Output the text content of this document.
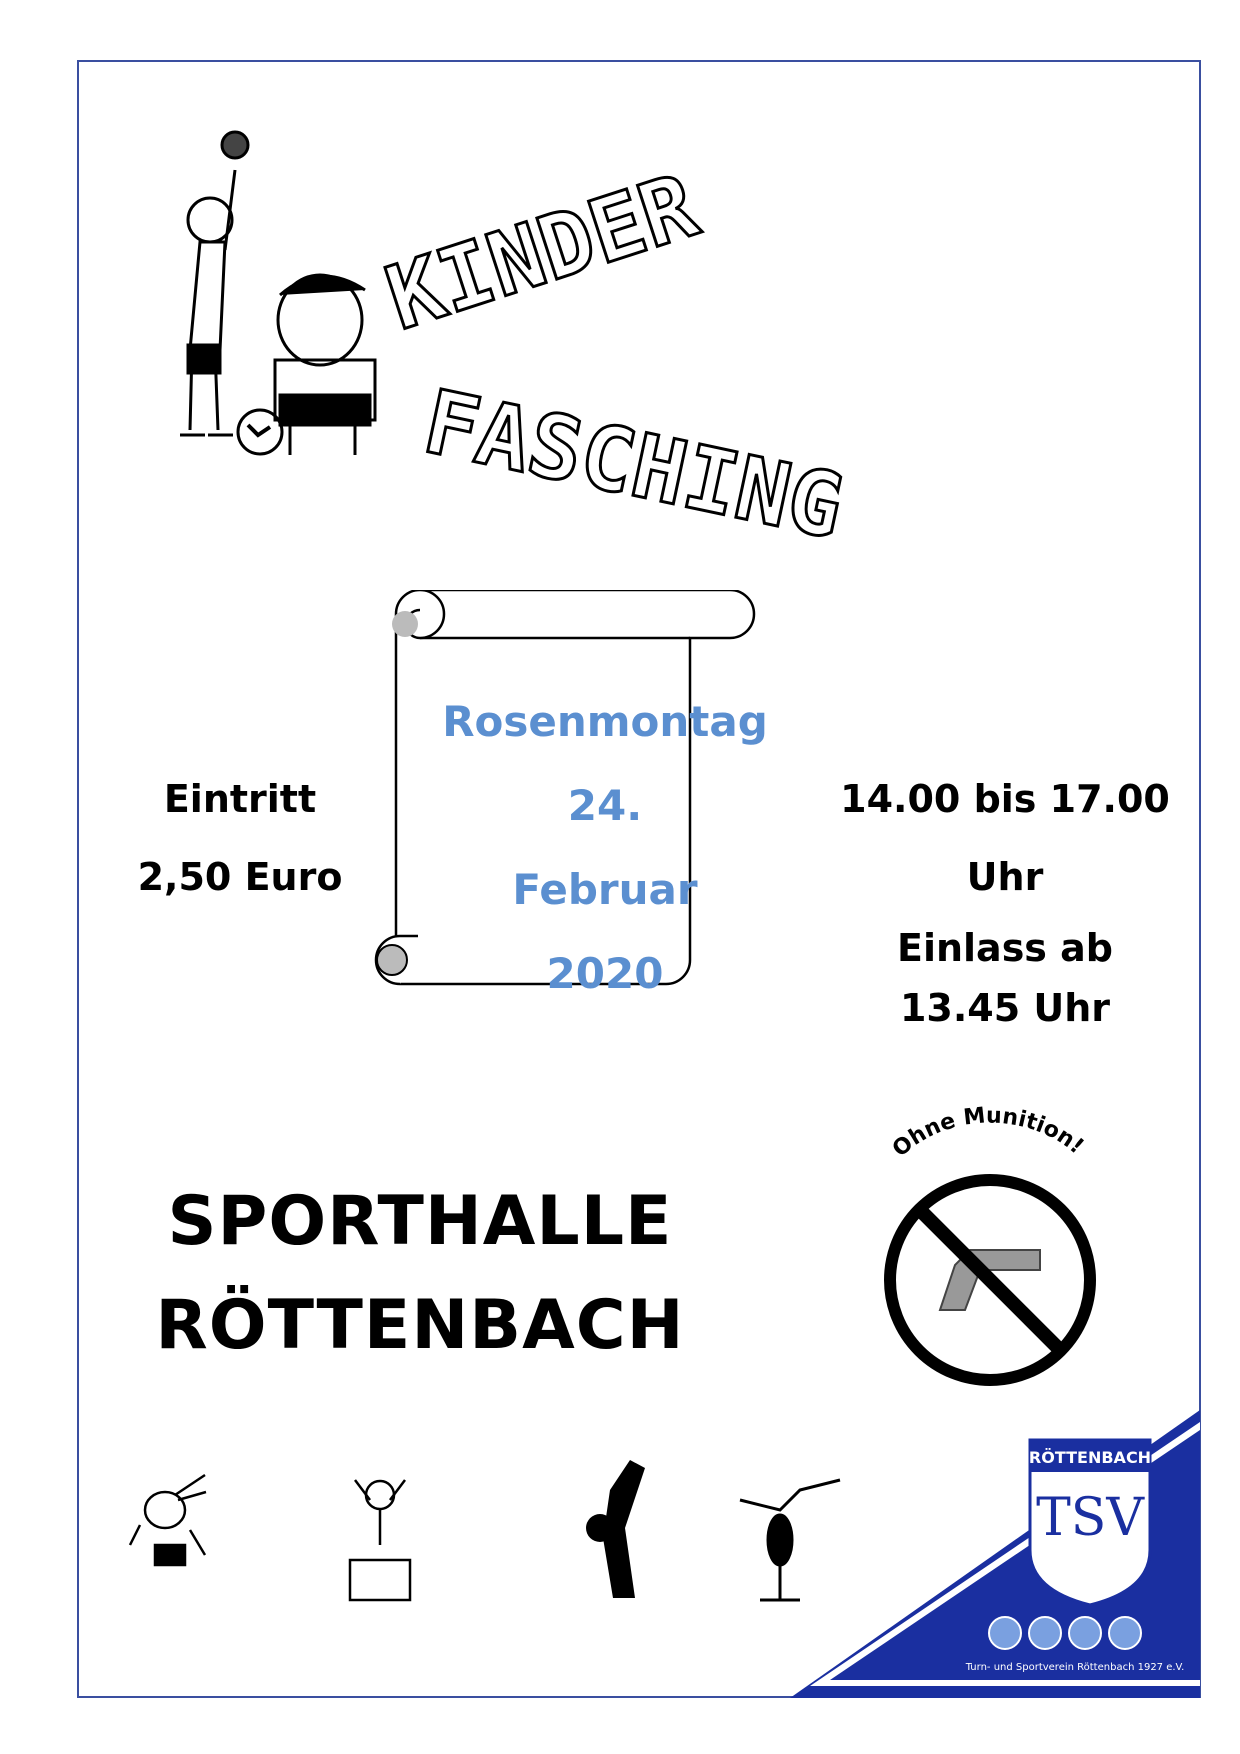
KINDER
FASCHING
Rosenmontag
24.
Februar
2020
Eintritt
2,50 Euro
14.00 bis 17.00
Uhr
Einlass ab
13.45 Uhr
SPORTHALLE
RÖTTENBACH
Ohne Munition!
RÖTTENBACH
TSV
Turn- und Sportverein Röttenbach 1927 e.V.
